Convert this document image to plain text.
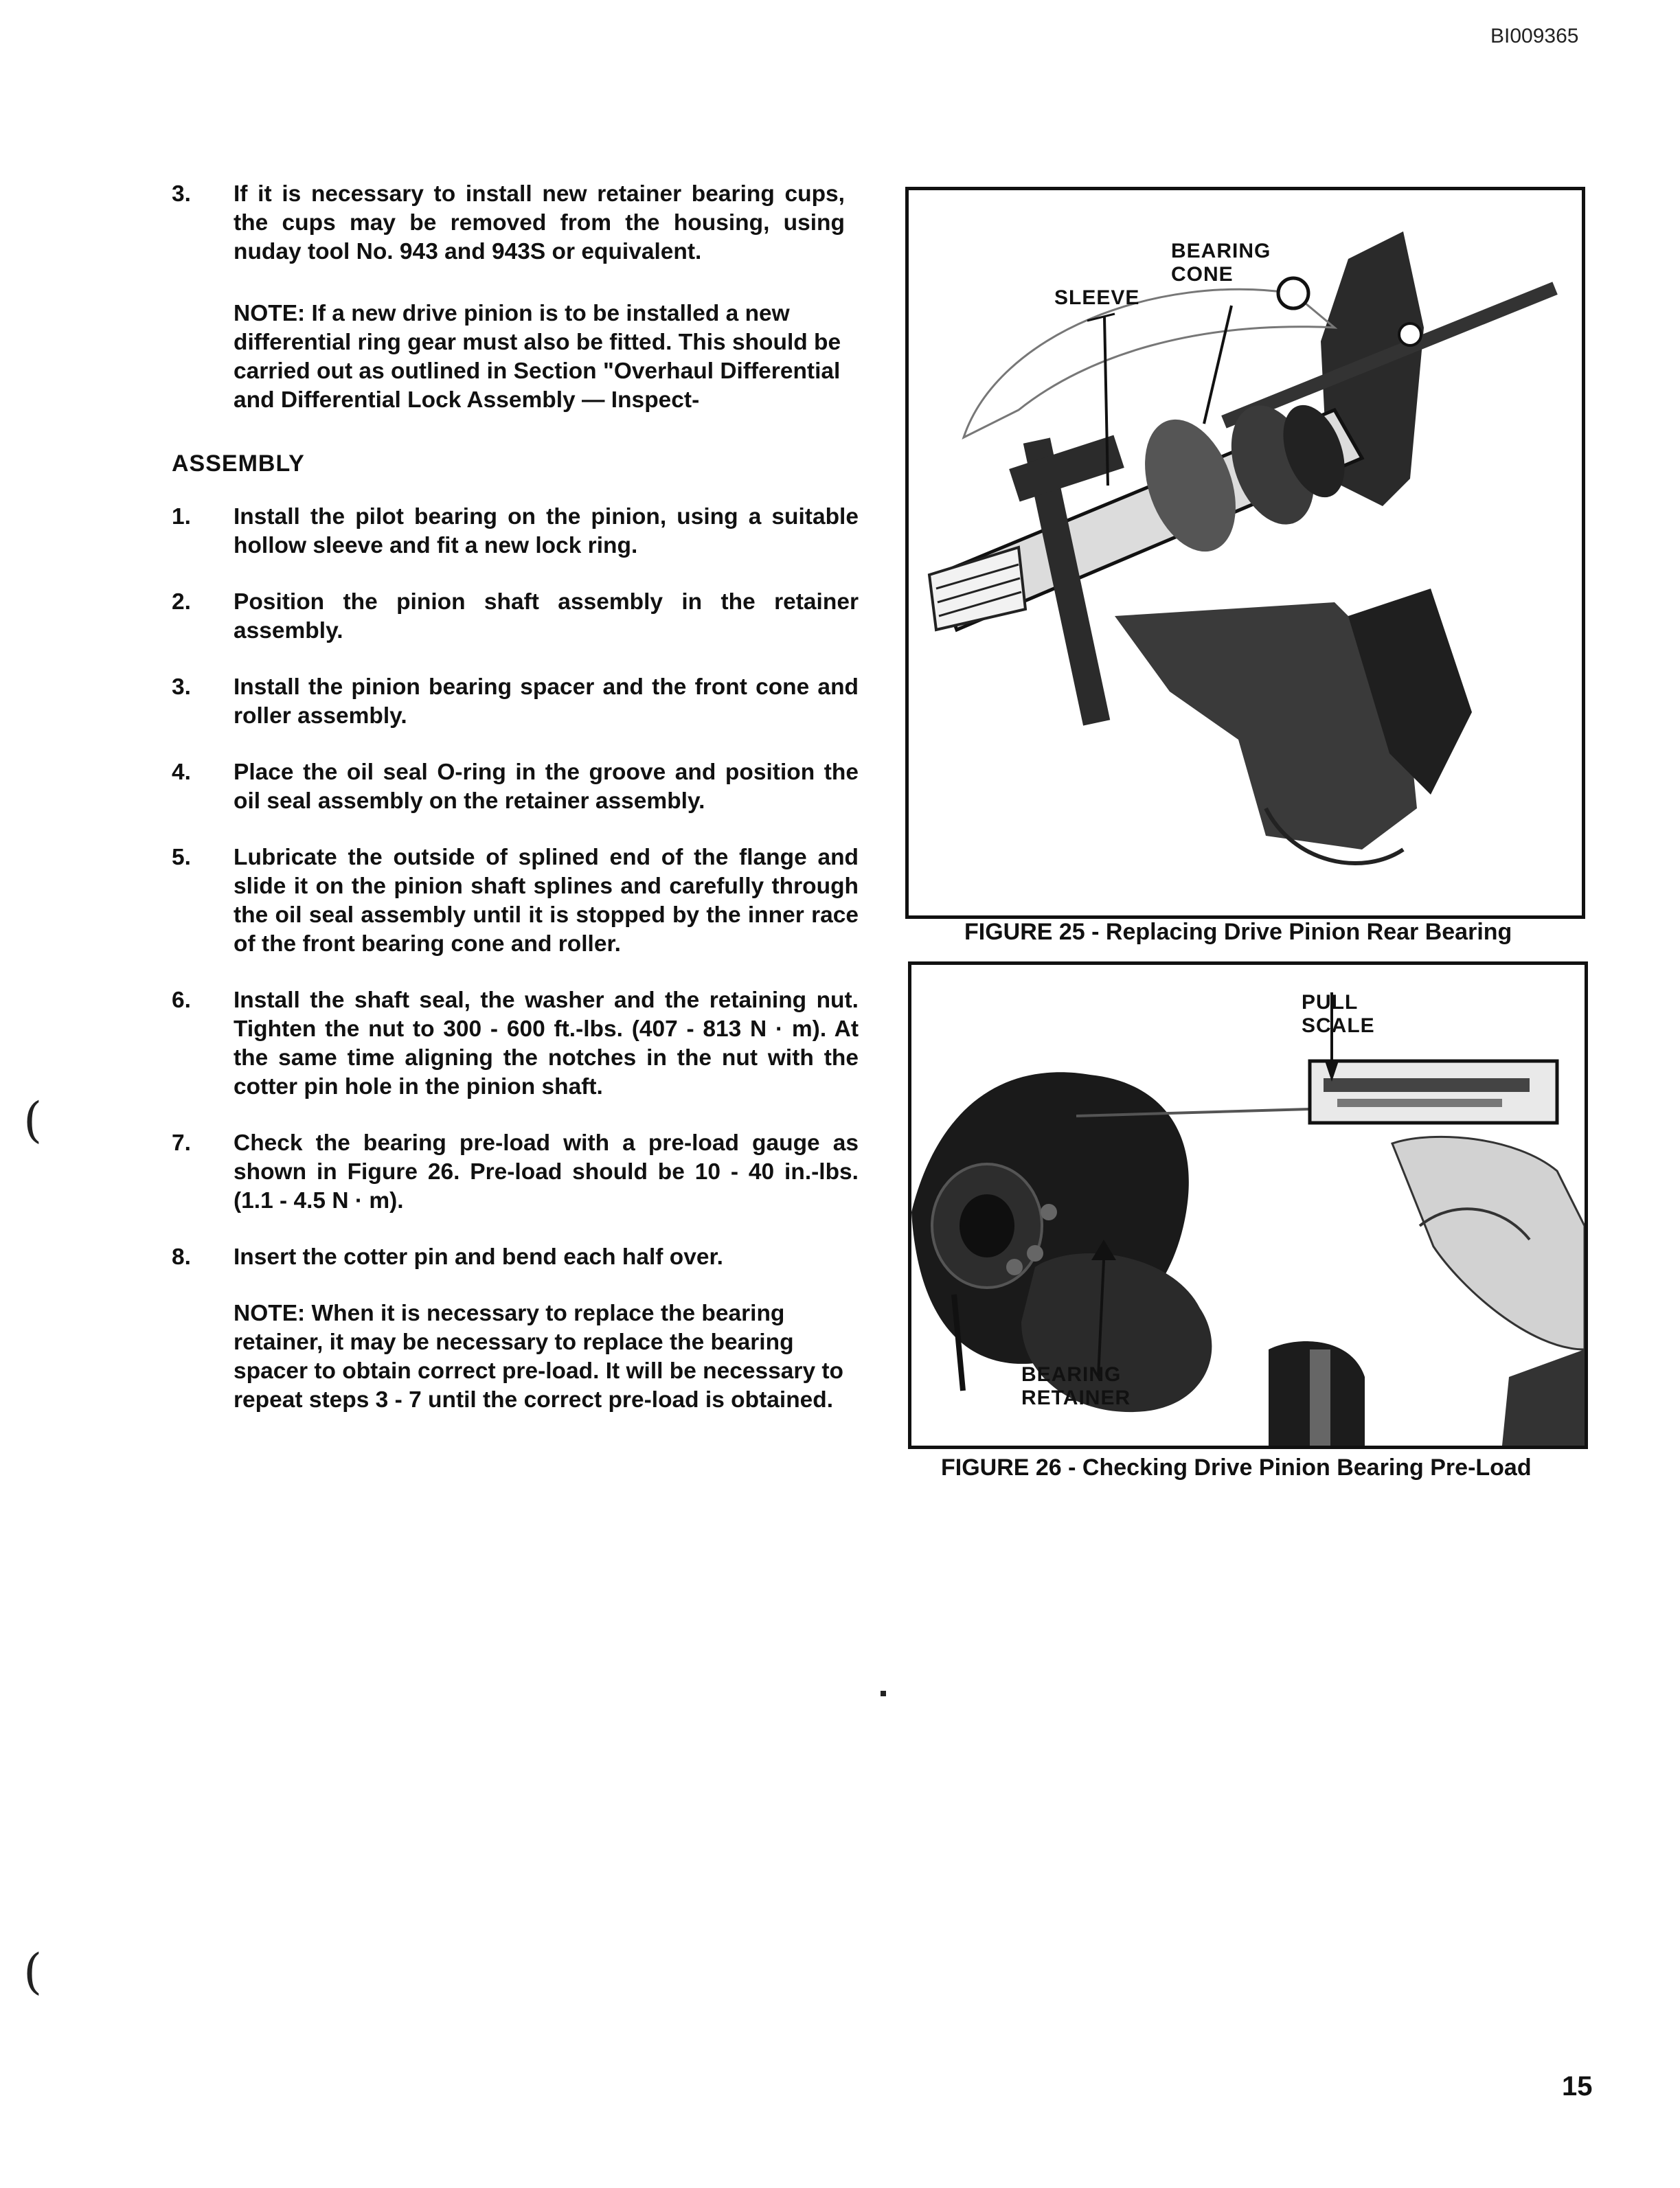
BI009365
3. If it is necessary to install new retainer bearing cups, the cups may be removed from the housing, using nuday tool No. 943 and 943S or equivalent.
NOTE: If a new drive pinion is to be installed a new differential ring gear must also be fitted. This should be carried out as outlined in Section "Overhaul Differential and Differential Lock Assembly — Inspect-
ASSEMBLY
1. Install the pilot bearing on the pinion, using a suitable hollow sleeve and fit a new lock ring.
2. Position the pinion shaft assembly in the retainer assembly.
3. Install the pinion bearing spacer and the front cone and roller assembly.
4. Place the oil seal O-ring in the groove and position the oil seal assembly on the retainer assembly.
5. Lubricate the outside of splined end of the flange and slide it on the pinion shaft splines and carefully through the oil seal assembly until it is stopped by the inner race of the front bearing cone and roller.
6. Install the shaft seal, the washer and the retaining nut. Tighten the nut to 300 - 600 ft.-lbs. (407 - 813 N · m). At the same time aligning the notches in the nut with the cotter pin hole in the pinion shaft.
7. Check the bearing pre-load with a pre-load gauge as shown in Figure 26. Pre-load should be 10 - 40 in.-lbs. (1.1 - 4.5 N · m).
8. Insert the cotter pin and bend each half over.
NOTE: When it is necessary to replace the bearing retainer, it may be necessary to replace the bearing spacer to obtain correct pre-load. It will be necessary to repeat steps 3 - 7 until the correct pre-load is obtained.
BEARING
CONE
SLEEVE
FIGURE 25 - Replacing Drive Pinion Rear Bearing
PULL
SCALE
BEARING
RETAINER
FIGURE 26 - Checking Drive Pinion Bearing Pre-Load
(
(
15
